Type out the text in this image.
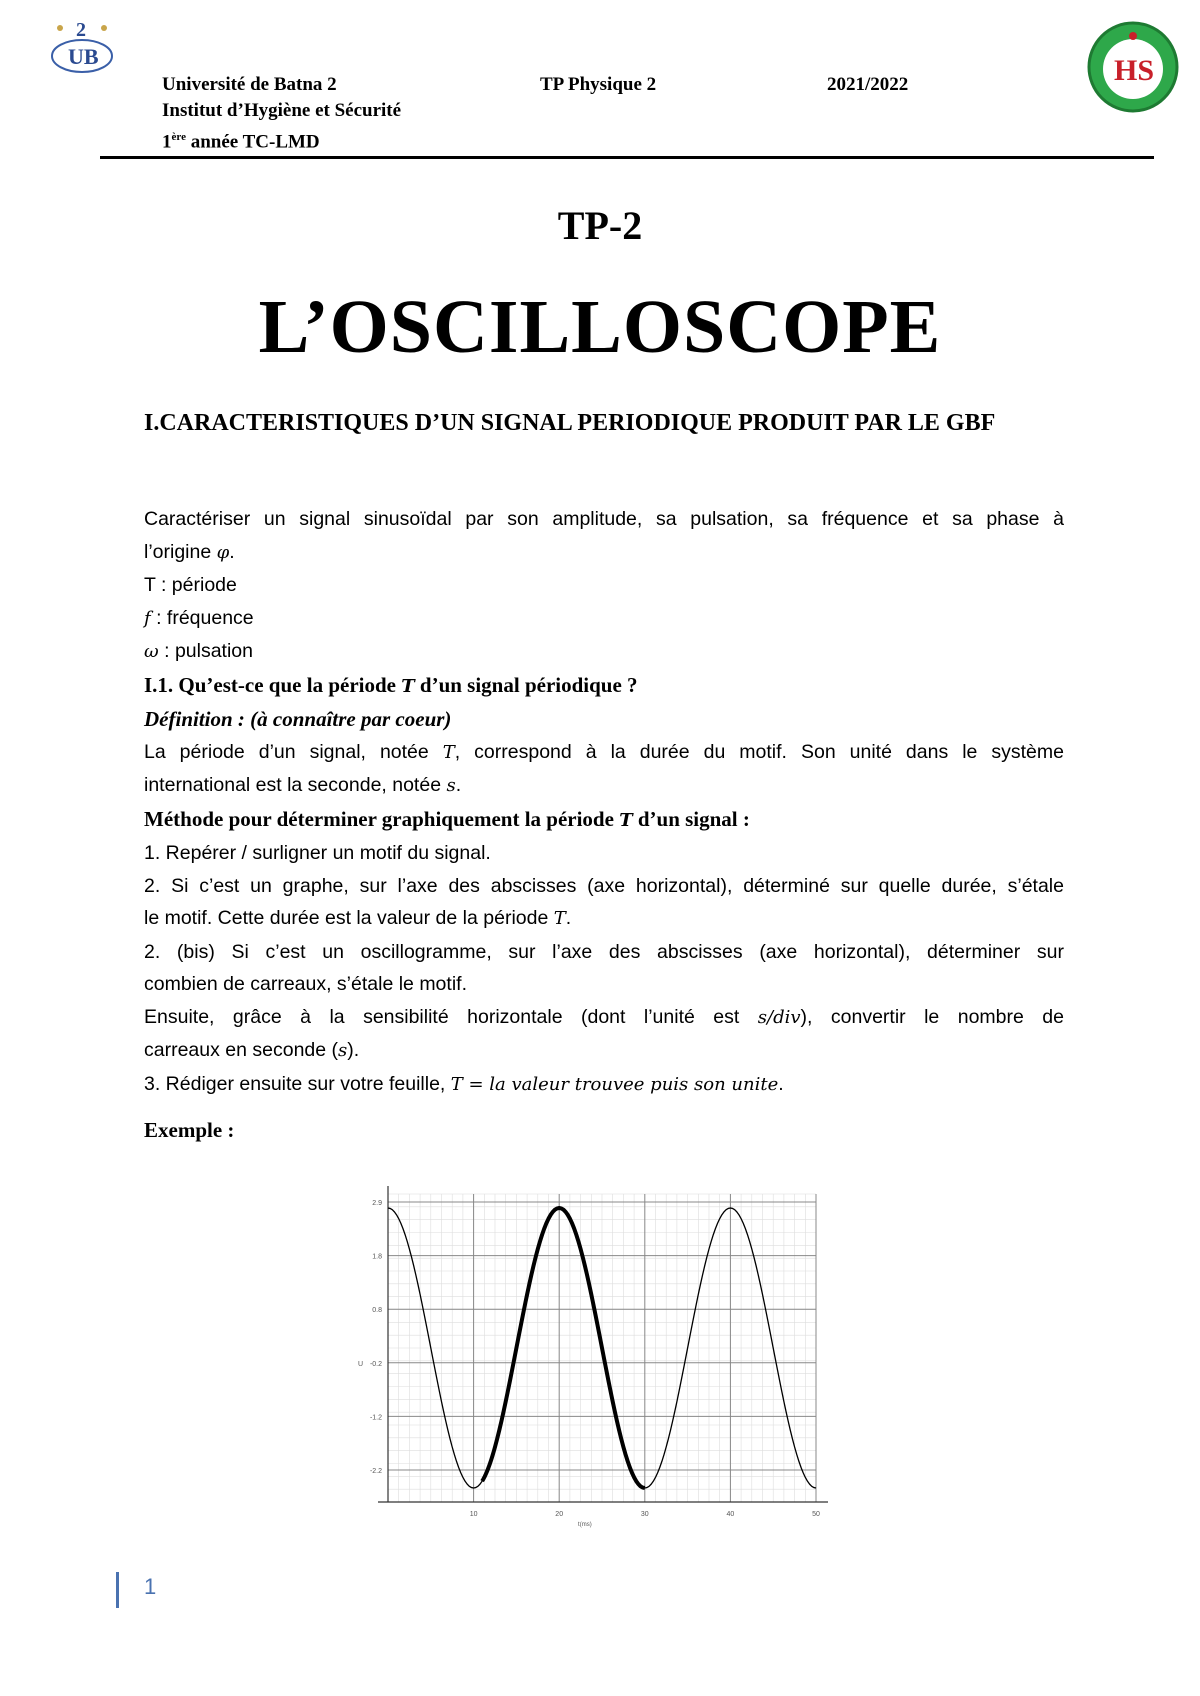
2
UB	HS
Université de Batna 2
Institut d’Hygiène et Sécurité
1ère année TC-LMD
TP Physique 2	2021/2022
TP-2
L’OSCILLOSCOPE
I.CARACTERISTIQUES D’UN SIGNAL PERIODIQUE PRODUIT PAR LE GBF

Caractériser un signal sinusoïdal par son amplitude, sa pulsation, sa fréquence et sa phase à

l’origine φ.

T : période

f : fréquence

ω : pulsation

I.1. Qu’est-ce que la période T d’un signal périodique ?

Définition : (à connaître par coeur)

La période d’un signal, notée T, correspond à la durée du motif. Son unité dans le système

international est la seconde, notée s.

Méthode pour déterminer graphiquement la période T d’un signal :

1. Repérer / surligner un motif du signal.

2. Si c’est un graphe, sur l’axe des abscisses (axe horizontal), déterminé sur quelle durée, s’étale

le motif. Cette durée est la valeur de la période T.

2. (bis) Si c’est un oscillogramme, sur l’axe des abscisses (axe horizontal), déterminer sur

combien de carreaux, s’étale le motif.

Ensuite, grâce à la sensibilité horizontale (dont l’unité est s/div), convertir le nombre de

carreaux en seconde (s).

3. Rédiger ensuite sur votre feuille, T = la valeur trouvee puis son unite.

Exemple :
2.9
1.8
0.8
-0.2
-1.2
-2.2
U
10	20	30	40	50
t(ms)
1
